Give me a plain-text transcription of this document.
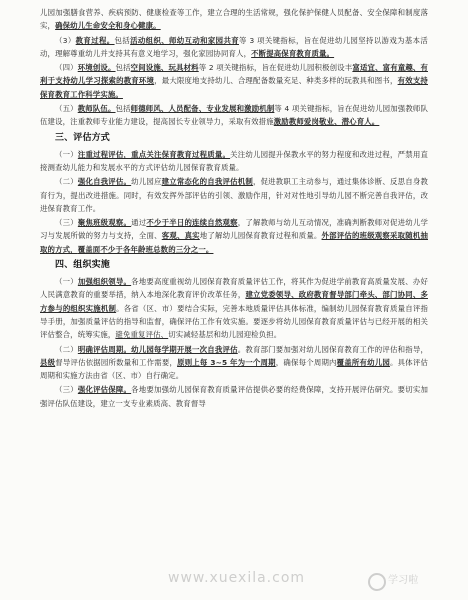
儿园加强膳食营养、疾病预防、健康检查等工作，建立合理的生活常规，强化保护保健人员配备、安全保障和制度落实，确保幼儿生命安全和身心健康。

（3）教育过程。包括活动组织、师幼互动和家园共育等 3 项关键指标，旨在促进幼儿园坚持以游戏为基本活动，理解尊重幼儿并支持其有意义地学习，强化家园协同育人，不断提高保育教育质量。

（四）环境创设。包括空间设施、玩具材料等 2 项关键指标，旨在促进幼儿园积极创设丰富适宜、富有童趣、有利于支持幼儿学习探索的教育环境，最大限度地支持幼儿、合理配备数量充足、种类多样的玩教具和图书，有效支持保育教育工作科学实施。

（五）教师队伍。包括师德师风、人员配备、专业发展和激励机制等 4 项关键指标，旨在促进幼儿园加强教师队伍建设，注重教师专业能力建设，提高园长专业领导力，采取有效措施激励教师爱岗敬业、潜心育人。

三、评估方式

（一）注重过程评估，重点关注保育教育过程质量。关注幼儿园提升保教水平的努力程度和改进过程，严禁用直接测查幼儿能力和发展水平的方式评估幼儿园保育教育质量。

（二）强化自我评估。幼儿园应建立常态化的自我评估机制，促进教职工主动参与，通过集体诊断、反思自身教育行为，提出改进措施。同时，有效发挥外部评估的引领、激励作用，针对对性地引导幼儿园不断完善自我评估，改进保育教育工作。

（三）聚焦班级观察。通过不少于半日的连续自然观察，了解教师与幼儿互动情况，准确判断教师对促进幼儿学习与发展所做的努力与支持，全面、客观、真实地了解幼儿园保育教育过程和质量。外部评估的班级观察采取随机抽取的方式，覆盖面不少于各年龄班总数的三分之一。

四、组织实施

（一）加强组织领导。各地要高度重视幼儿园保育教育质量评估工作，将其作为促进学前教育高质量发展、办好人民满意教育的重要举措，纳入本地深化教育评价改革任务，建立党委领导、政府教育督导部门牵头、部门协同、多方参与的组织实施机制。各省（区、市）要结合实际，完善本地质量评估具体标准，编制幼儿园保育教育质量自评指导手册，加强质量评估的指导和监督，确保评估工作有效实施。要逐步将幼儿园保育教育质量评估与已经开展的相关评估整合，统筹实施，避免重复评估、切实减轻基层和幼儿园迎检负担。

（二）明确评估周期。幼儿园每学期开展一次自我评估。教育部门要加强对幼儿园保育教育工作的评估和指导，县级督导评估依据园所数量和工作需要，原则上每 3~5 年为一个周期，确保每个周期内覆盖所有幼儿园。具体评估周期和实施方法由省（区、市）自行确定。

（三）强化评估保障。各地要加强幼儿园保育教育质量评估提供必要的经费保障，支持开展评估研究。要切实加强评估队伍建设，建立一支专业素质高、教育督导

www.xuexila.com	学习啦
